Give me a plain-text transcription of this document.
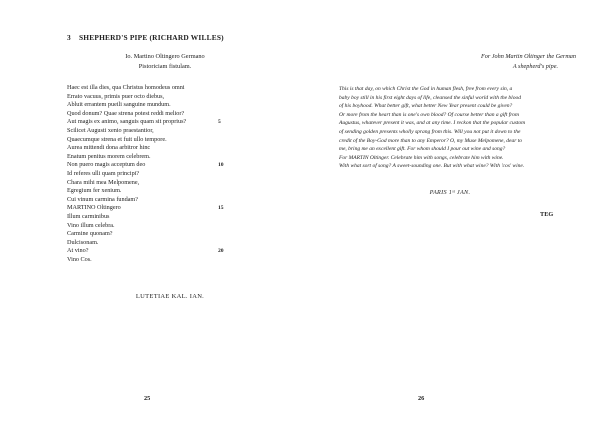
3 SHEPHERD'S PIPE (RICHARD WILLES)
Io. Martino Oltingero Germano
Pistoriciam fistulam.
Haec est illa dies, qua Christus homodeus omni
Errato vacuus, primis puer octo diebus,
Abluit errantem pueili sanguine mundum.
Quod donum? Quae strena potest reddi melior?
Aut magis ex animo, sanguis quam sit proprius?	5
Scilicet Augusti xenio praestantior,
Quaecumque strena et fuit ullo tempore.
Aurea mittendi dona arbitror hinc
Enatum penitus morem celebrem.
Non puero magis acceptum deo	10
Id referes ulli quam principi?
Chara mihi mea Melpomene,
Egregium fer xenium.
Cui vinum carmina fundam?
MARTINO Oltingero	15
Illum carminibus
Vino illum celebra.
Carmine quonam?
Dulcisonam.
At vino?	20
Vino Cos.
LUTETIAE KAL. IAN.
25
For John Martin Oltinger the German
A shepherd's pipe.
This is that day, on which Christ the God in human flesh, free from every sin, a
baby boy still in his first eight days of life, cleansed the sinful world with the blood
of his boyhood. What better gift, what better New Year present could be given?
Or more from the heart than is one's own blood? Of course better than a gift from
Augustus, whatever present it was, and at any time. I reckon that the popular custom
of sending golden presents wholly sprang from this. Will you not put it down to the
credit of the Boy-God more than to any Emperor? O, my Muse Melpomene, dear to
me, bring me an excellent gift. For whom should I pour out wine and song?
For MARTIN Oltinger. Celebrate him with songs, celebrate him with wine.
With what sort of song? A sweet-sounding one. But with what wine? With 'cos' wine.
PARIS 1ˢᵗ JAN.
TEG
26
